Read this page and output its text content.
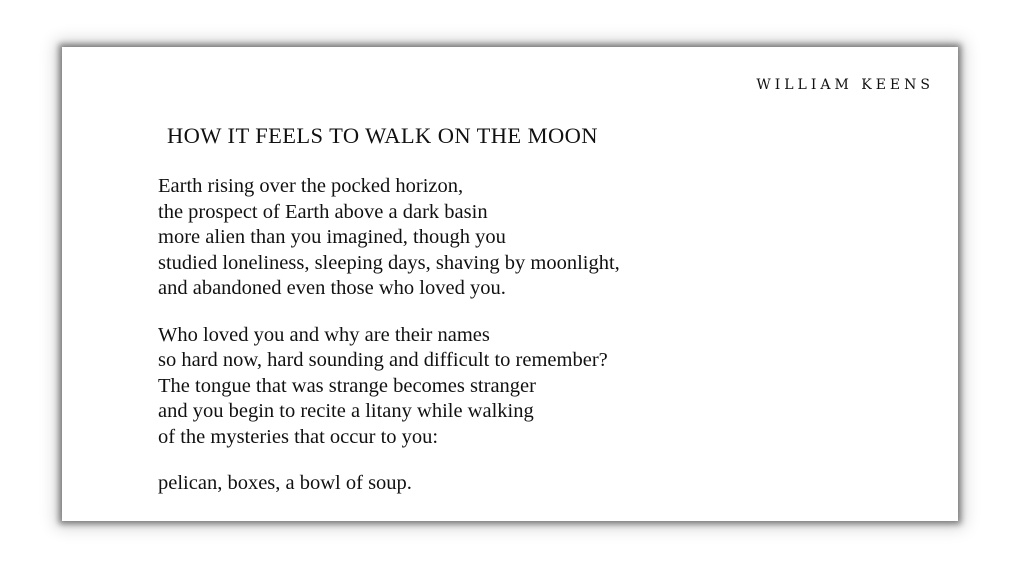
WILLIAM KEENS

HOW IT FEELS TO WALK ON THE MOON
Earth rising over the pocked horizon,
the prospect of Earth above a dark basin
more alien than you imagined, though you
studied loneliness, sleeping days, shaving by moonlight,
and abandoned even those who loved you.
Who loved you and why are their names
so hard now, hard sounding and difficult to remember?
The tongue that was strange becomes stranger
and you begin to recite a litany while walking
of the mysteries that occur to you:
pelican, boxes, a bowl of soup.
